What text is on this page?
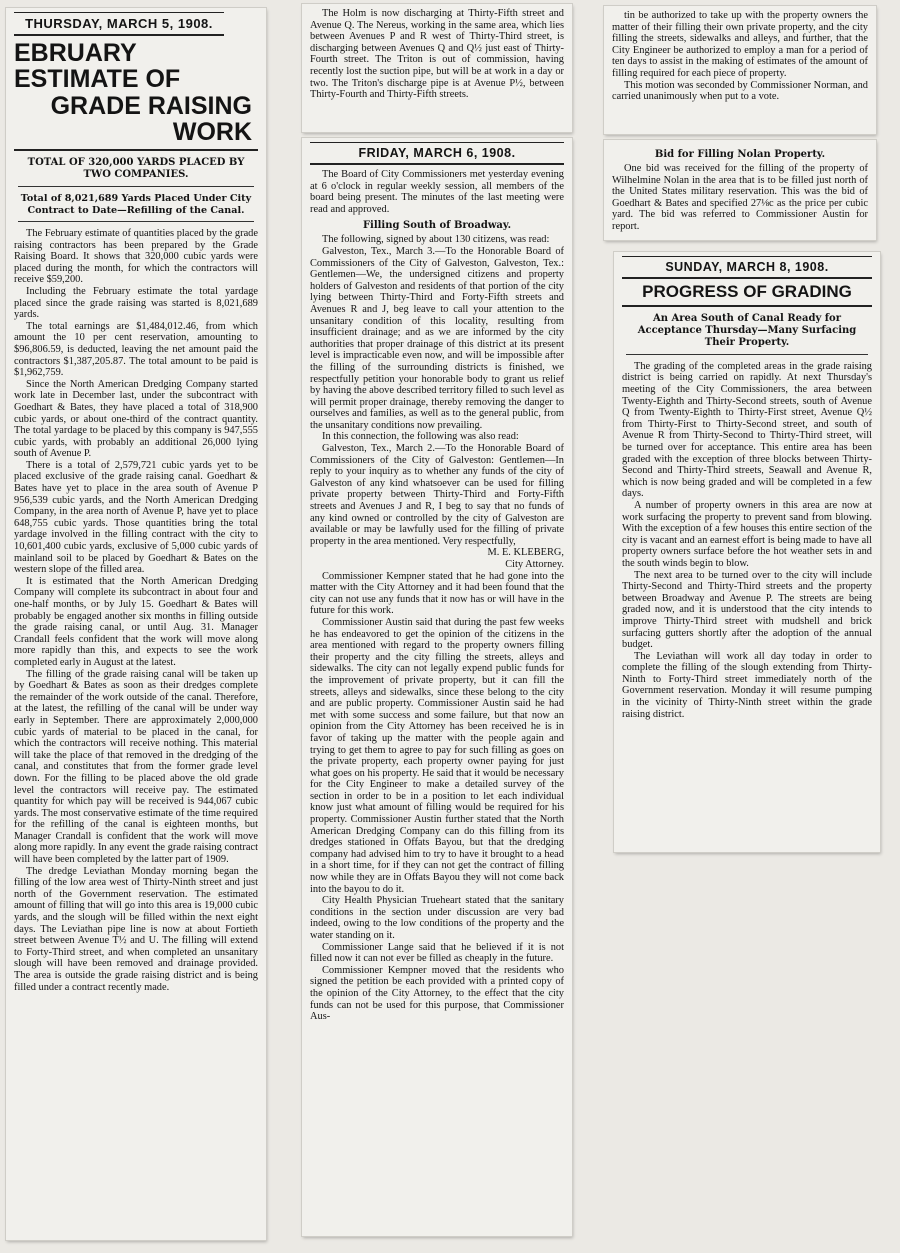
THURSDAY, MARCH 5, 1908.
EBRUARY ESTIMATE OF
GRADE RAISING WORK
TOTAL OF 320,000 YARDS PLACED BY TWO COMPANIES.
Total of 8,021,689 Yards Placed Under City Contract to Date—Refilling of the Canal.

The February estimate of quantities placed by the grade raising contractors has been prepared by the Grade Raising Board. It shows that 320,000 cubic yards were placed during the month, for which the contractors will receive $59,200.

Including the February estimate the total yardage placed since the grade raising was started is 8,021,689 yards.

The total earnings are $1,484,012.46, from which amount the 10 per cent reservation, amounting to $96,806.59, is deducted, leaving the net amount paid the contractors $1,387,205.87. The total amount to be paid is $1,962,759.

Since the North American Dredging Company started work late in December last, under the subcontract with Goedhart & Bates, they have placed a total of 318,900 cubic yards, or about one-third of the contract quantity. The total yardage to be placed by this company is 947,555 cubic yards, with probably an additional 26,000 lying south of Avenue P.

There is a total of 2,579,721 cubic yards yet to be placed exclusive of the grade raising canal. Goedhart & Bates have yet to place in the area south of Avenue P 956,539 cubic yards, and the North American Dredging Company, in the area north of Avenue P, have yet to place 648,755 cubic yards. Those quantities bring the total yardage involved in the filling contract with the city to 10,601,400 cubic yards, exclusive of 5,000 cubic yards of mainland soil to be placed by Goedhart & Bates on the western slope of the filled area.

It is estimated that the North American Dredging Company will complete its subcontract in about four and one-half months, or by July 15. Goedhart & Bates will probably be engaged another six months in filling outside the grade raising canal, or until Aug. 31. Manager Crandall feels confident that the work will move along more rapidly than this, and expects to see the work completed early in August at the latest.

The filling of the grade raising canal will be taken up by Goedhart & Bates as soon as their dredges complete the remainder of the work outside of the canal. Therefore, at the latest, the refilling of the canal will be under way early in September. There are approximately 2,000,000 cubic yards of material to be placed in the canal, for which the contractors will receive nothing. This material will take the place of that removed in the dredging of the canal, and constitutes that from the former grade level down. For the filling to be placed above the old grade level the contractors will receive pay. The estimated quantity for which pay will be received is 944,067 cubic yards. The most conservative estimate of the time required for the refilling of the canal is eighteen months, but Manager Crandall is confident that the work will move along more rapidly. In any event the grade raising contract will have been completed by the latter part of 1909.

The dredge Leviathan Monday morning began the filling of the low area west of Thirty-Ninth street and just north of the Government reservation. The estimated amount of filling that will go into this area is 19,000 cubic yards, and the slough will be filled within the next eight days. The Leviathan pipe line is now at about Fortieth street between Avenue T½ and U. The filling will extend to Forty-Third street, and when completed an unsanitary slough will have been removed and drainage provided. The area is outside the grade raising district and is being filled under a contract recently made.

The Holm is now discharging at Thirty-Fifth street and Avenue Q. The Nereus, working in the same area, which lies between Avenues P and R west of Thirty-Third street, is discharging between Avenues Q and Q½ just east of Thirty-Fourth street. The Triton is out of commission, having recently lost the suction pipe, but will be at work in a day or two. The Triton's discharge pipe is at Avenue P½, between Thirty-Fourth and Thirty-Fifth streets.

FRIDAY, MARCH 6, 1908.

The Board of City Commissioners met yesterday evening at 6 o'clock in regular weekly session, all members of the board being present. The minutes of the last meeting were read and approved.

Filling South of Broadway.

The following, signed by about 130 citizens, was read:

Galveston, Tex., March 3.—To the Honorable Board of Commissioners of the City of Galveston, Galveston, Tex.: Gentlemen—We, the undersigned citizens and property holders of Galveston and residents of that portion of the city lying between Thirty-Third and Forty-Fifth streets and Avenues R and J, beg leave to call your attention to the unsanitary condition of this locality, resulting from insufficient drainage; and as we are informed by the city authorities that proper drainage of this district at its present level is impracticable even now, and will be impossible after the filling of the surrounding districts is finished, we respectfully petition your honorable body to grant us relief by having the above described territory filled to such level as will permit proper drainage, thereby removing the danger to ourselves and families, as well as to the general public, from the unsanitary conditions now prevailing.

In this connection, the following was also read:

Galveston, Tex., March 2.—To the Honorable Board of Commissioners of the City of Galveston: Gentlemen—In reply to your inquiry as to whether any funds of the city of Galveston of any kind whatsoever can be used for filling private property between Thirty-Third and Forty-Fifth streets and Avenues J and R, I beg to say that no funds of any kind owned or controlled by the city of Galveston are available or may be lawfully used for the filling of private property in the area mentioned. Very respectfully,

M. E. KLEBERG,

City Attorney.

Commissioner Kempner stated that he had gone into the matter with the City Attorney and it had been found that the city can not use any funds that it now has or will have in the future for this work.

Commissioner Austin said that during the past few weeks he has endeavored to get the opinion of the citizens in the area mentioned with regard to the property owners filling their property and the city filling the streets, alleys and sidewalks. The city can not legally expend public funds for the improvement of private property, but it can fill the streets, alleys and sidewalks, since these belong to the city and are public property. Commissioner Austin said he had met with some success and some failure, but that now an opinion from the City Attorney has been received he is in favor of taking up the matter with the people again and trying to get them to agree to pay for such filling as goes on the private property, each property owner paying for just what goes on his property. He said that it would be necessary for the City Engineer to make a detailed survey of the section in order to be in a position to let each individual know just what amount of filling would be required for his property. Commissioner Austin further stated that the North American Dredging Company can do this filling from its dredges stationed in Offats Bayou, but that the dredging company had advised him to try to have it brought to a head in a short time, for if they can not get the contract of filling now while they are in Offats Bayou they will not come back into the bayou to do it.

City Health Physician Trueheart stated that the sanitary conditions in the section under discussion are very bad indeed, owing to the low conditions of the property and the water standing on it.

Commissioner Lange said that he believed if it is not filled now it can not ever be filled as cheaply in the future.

Commissioner Kempner moved that the residents who signed the petition be each provided with a printed copy of the opinion of the City Attorney, to the effect that the city funds can not be used for this purpose, that Commissioner Aus-

tin be authorized to take up with the property owners the matter of their filling their own private property, and the city filling the streets, sidewalks and alleys, and further, that the City Engineer be authorized to employ a man for a period of ten days to assist in the making of estimates of the amount of filling required for each piece of property.

This motion was seconded by Commissioner Norman, and carried unanimously when put to a vote.

Bid for Filling Nolan Property.

One bid was received for the filling of the property of Wilhelmine Nolan in the area that is to be filled just north of the United States military reservation. This was the bid of Goedhart & Bates and specified 27⅛c as the price per cubic yard. The bid was referred to Commissioner Austin for report.

SUNDAY, MARCH 8, 1908.
PROGRESS OF GRADING
An Area South of Canal Ready for Acceptance Thursday—Many Surfacing Their Property.

The grading of the completed areas in the grade raising district is being carried on rapidly. At next Thursday's meeting of the City Commissioners, the area between Twenty-Eighth and Thirty-Second streets, south of Avenue Q from Twenty-Eighth to Thirty-First street, Avenue Q½ from Thirty-First to Thirty-Second street, and south of Avenue R from Thirty-Second to Thirty-Third street, will be turned over for acceptance. This entire area has been graded with the exception of three blocks between Thirty-Second and Thirty-Third streets, Seawall and Avenue R, which is now being graded and will be completed in a few days.

A number of property owners in this area are now at work surfacing the property to prevent sand from blowing. With the exception of a few houses this entire section of the city is vacant and an earnest effort is being made to have all property owners surface before the hot weather sets in and the south winds begin to blow.

The next area to be turned over to the city will include Thirty-Second and Thirty-Third streets and the property between Broadway and Avenue P. The streets are being graded now, and it is understood that the city intends to improve Thirty-Third street with mudshell and brick surfacing gutters shortly after the adoption of the annual budget.

The Leviathan will work all day today in order to complete the filling of the slough extending from Thirty-Ninth to Forty-Third street immediately north of the Government reservation. Monday it will resume pumping in the vicinity of Thirty-Ninth street within the grade raising district.
